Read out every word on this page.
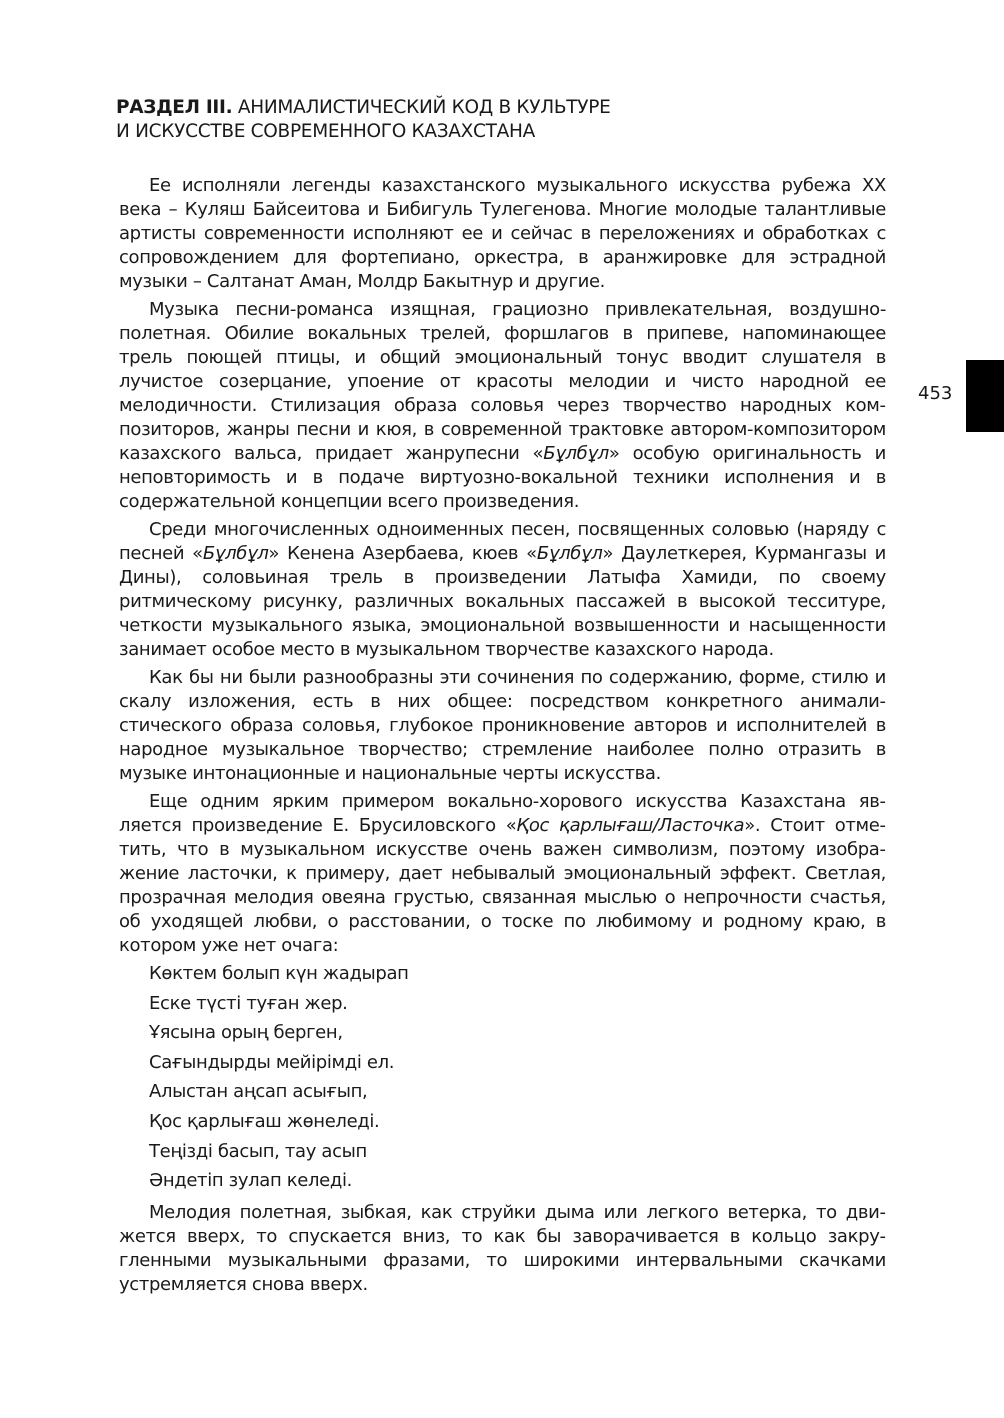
РАЗДЕЛ III. АНИМАЛИСТИЧЕСКИЙ КОД В КУЛЬТУРЕ
И ИСКУССТВЕ СОВРЕМЕННОГО КАЗАХСТАНА
453

Ее исполняли легенды казахстанского музыкального искусства рубежа XX века – Куляш Байсеитова и Бибигуль Тулегенова. Многие молодые талантливые артисты современности исполняют ее и сейчас в переложениях и обработках с сопровождением для фортепиано, оркестра, в аранжировке для эстрадной музыки – Салтанат Аман, Молдр Бакытнур и другие.

Музыка песни-романса изящная, грациозно привлекательная, воздушно-полетная. Обилие вокальных трелей, форшлагов в припеве, напоминающее трель поющей птицы, и общий эмоциональный тонус вводит слушателя в лучистое созерцание, упоение от красоты мелодии и чисто народной ее мелодичности. Стилизация образа соловья через творчество народных композиторов, жанры песни и кюя, в современной трактовке автором-композитором казахского вальса, придает жанрупесни «Бұлбұл» особую оригинальность и неповторимость и в подаче виртуозно-вокальной техники исполнения и в содержательной концепции всего произведения.

Среди многочисленных одноименных песен, посвященных соловью (наряду с песней «Бұлбұл» Кенена Азербаева, кюев «Бұлбұл» Даулеткерея, Курмангазы и Дины), соловьиная трель в произведении Латыфа Хамиди, по своему ритмическому рисунку, различных вокальных пассажей в высокой тесситуре, четкости музыкального языка, эмоциональной возвышенности и насыщенности занимает особое место в музыкальном творчестве казахского народа.

Как бы ни были разнообразны эти сочинения по содержанию, форме, стилю и скалу изложения, есть в них общее: посредством конкретного анималистического образа соловья, глубокое проникновение авторов и исполнителей в народное музыкальное творчество; стремление наиболее полно отразить в музыке интонационные и национальные черты искусства.

Еще одним ярким примером вокально-хорового искусства Казахстана является произведение Е. Брусиловского «Қос қарлығаш/Ласточка». Стоит отметить, что в музыкальном искусстве очень важен символизм, поэтому изображение ласточки, к примеру, дает небывалый эмоциональный эффект. Светлая, прозрачная мелодия овеяна грустью, связанная мыслью о непрочности счастья, об уходящей любви, о расстовании, о тоске по любимому и родному краю, в котором уже нет очага:

Көктем болып күн жадырап

Еске түсті туған жер.

Ұясына орың берген,

Сағындырды мейірімді ел.

Алыстан аңсап асығып,

Қос қарлығаш жөнеледі.

Теңізді басып, тау асып

Әндетіп зулап келеді.

Мелодия полетная, зыбкая, как струйки дыма или легкого ветерка, то движется вверх, то спускается вниз, то как бы заворачивается в кольцо закругленными музыкальными фразами, то широкими интервальными скачками устремляется снова вверх.
